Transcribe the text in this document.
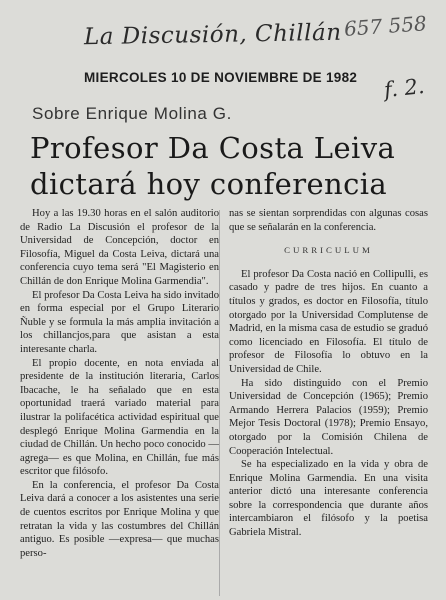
La Discusión, Chillán 657 558
f. 2.
MIERCOLES 10 DE NOVIEMBRE DE 1982
Sobre Enrique Molina G.
Profesor Da Costa Leiva
dictará hoy conferencia

Hoy a las 19.30 horas en el salón auditorio de Radio La Discusión el profesor de la Universidad de Concepción, doctor en Filosofía, Miguel da Costa Leiva, dictará una conferencia cuyo tema será "El Magisterio en Chillán de don Enrique Molina Garmendia".

El profesor Da Costa Leiva ha sido invitado en forma especial por el Grupo Literario Ñuble y se formula la más amplia invitación a los chillancjos,para que asistan a esta interesante charla.

El propio docente, en nota enviada al presidente de la institución literaria, Carlos Ibacache, le ha señalado que en esta oportunidad traerá variado material para ilustrar la polifacética actividad espiritual que desplegó Enrique Molina Garmendia en la ciudad de Chillán. Un hecho poco conocido —agrega— es que Molina, en Chillán, fue más escritor que filósofo.

En la conferencia, el profesor Da Costa Leiva dará a conocer a los asistentes una serie de cuentos escritos por Enrique Molina y que retratan la vida y las costumbres del Chillán antiguo. Es posible —expresa— que muchas perso-

nas se sientan sorprendidas con algunas cosas que se señalarán en la conferencia.

CURRICULUM

El profesor Da Costa nació en Collipulli, es casado y padre de tres hijos. En cuanto a títulos y grados, es doctor en Filosofía, título otorgado por la Universidad Complutense de Madrid, en la misma casa de estudio se graduó como licenciado en Filosofía. El título de profesor de Filosofía lo obtuvo en la Universidad de Chile.

Ha sido distinguido con el Premio Universidad de Concepción (1965); Premio Armando Herrera Palacios (1959); Premio Mejor Tesis Doctoral (1978); Premio Ensayo, otorgado por la Comisión Chilena de Cooperación Intelectual.

Se ha especializado en la vida y obra de Enrique Molina Garmendia. En una visita anterior dictó una interesante conferencia sobre la correspondencia que durante años intercambiaron el filósofo y la poetisa Gabriela Mistral.
